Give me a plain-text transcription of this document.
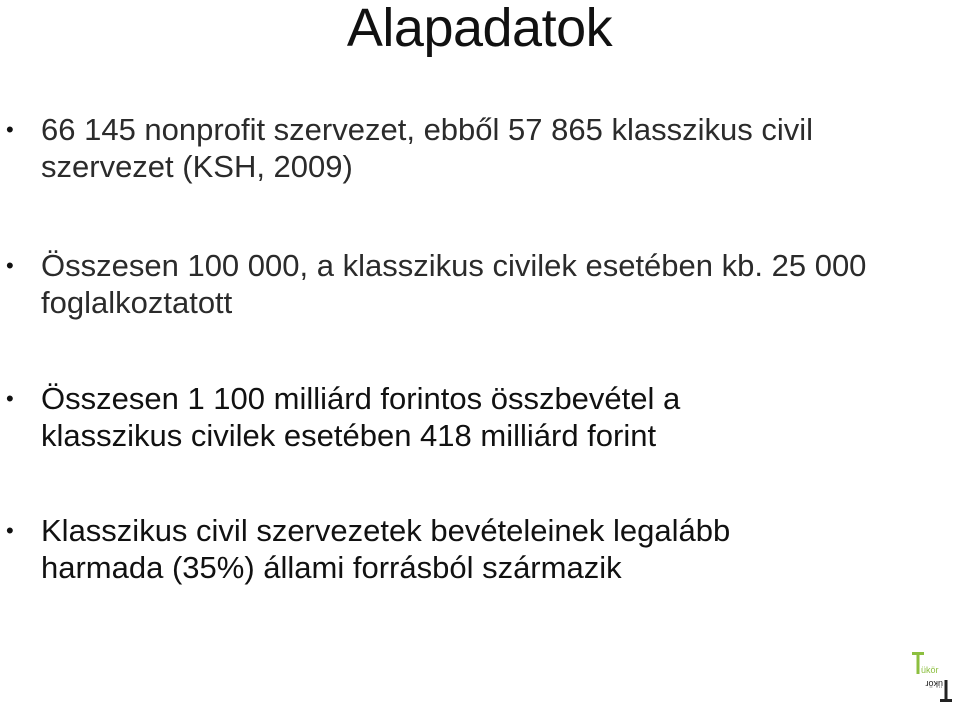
Alapadatok
• 66 145 nonprofit szervezet, ebből 57 865 klasszikus civil szervezet (KSH, 2009)

• Összesen 100 000, a klasszikus civilek esetében kb. 25 000 foglalkoztatott

• Összesen 1 100 milliárd forintos összbevétel a klasszikus civilek esetében 418 milliárd forint

• Klasszikus civil szervezetek bevételeinek legalább harmada (35%) állami forrásból származik

ükör
ükör
